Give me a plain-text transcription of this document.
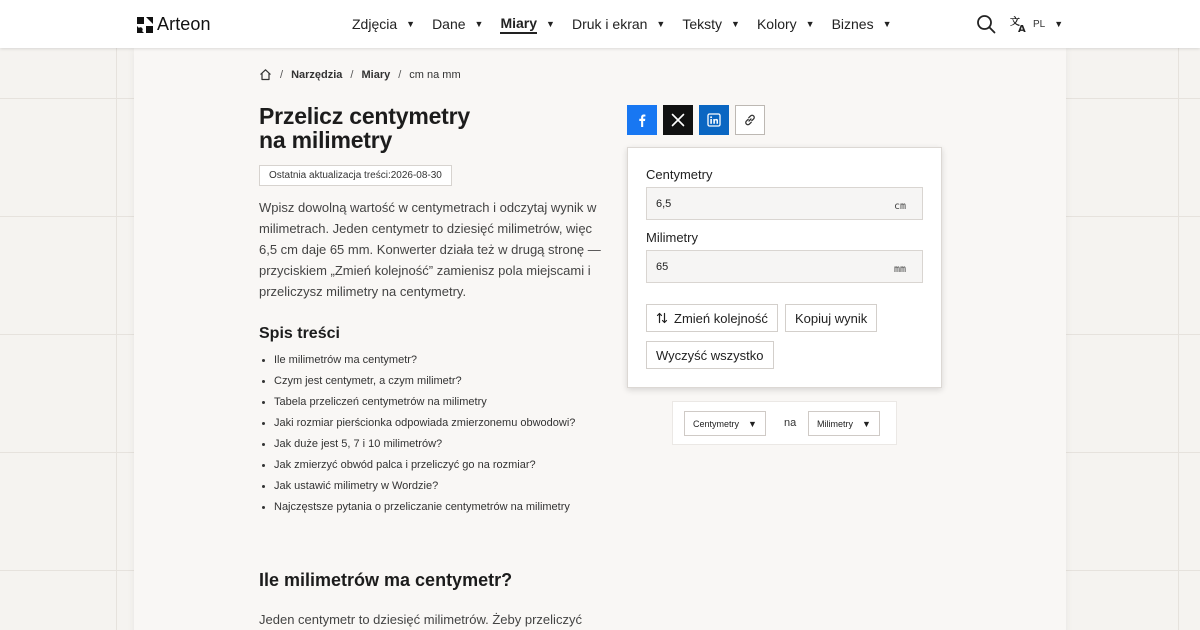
Arteon	Zdjęcia ▼ Dane ▼ Miary ▼ Druk i ekran ▼ Teksty ▼ Kolory ▼ Biznes ▼	文
A PL ▼
/ Narzędzia / Miary / cm na mm
Przelicz centymetry
na milimetry
Ostatnia aktualizacja treści:2026-08-30

Wpisz dowolną wartość w centymetrach i odczytaj wynik w milimetrach. Jeden centymetr to dziesięć milimetrów, więc 6,5 cm daje 65 mm. Konwerter działa też w drugą stronę — przyciskiem „Zmień kolejność” zamienisz pola miejscami i przeliczysz milimetry na centymetry.

Spis treści
Ile milimetrów ma centymetr?
Czym jest centymetr, a czym milimetr?
Tabela przeliczeń centymetrów na milimetry
Jaki rozmiar pierścionka odpowiada zmierzonemu obwodowi?
Jak duże jest 5, 7 i 10 milimetrów?
Jak zmierzyć obwód palca i przeliczyć go na rozmiar?
Jak ustawić milimetry w Wordzie?
Najczęstsze pytania o przeliczanie centymetrów na milimetry
Ile milimetrów ma centymetr?

Jeden centymetr to dziesięć milimetrów. Żeby przeliczyć

Centymetry
6,5	cm
Milimetry
65	mm
Zmień kolejność Kopiuj wynik
Wyczyść wszystko
Centymetry ▼ na Milimetry ▼
